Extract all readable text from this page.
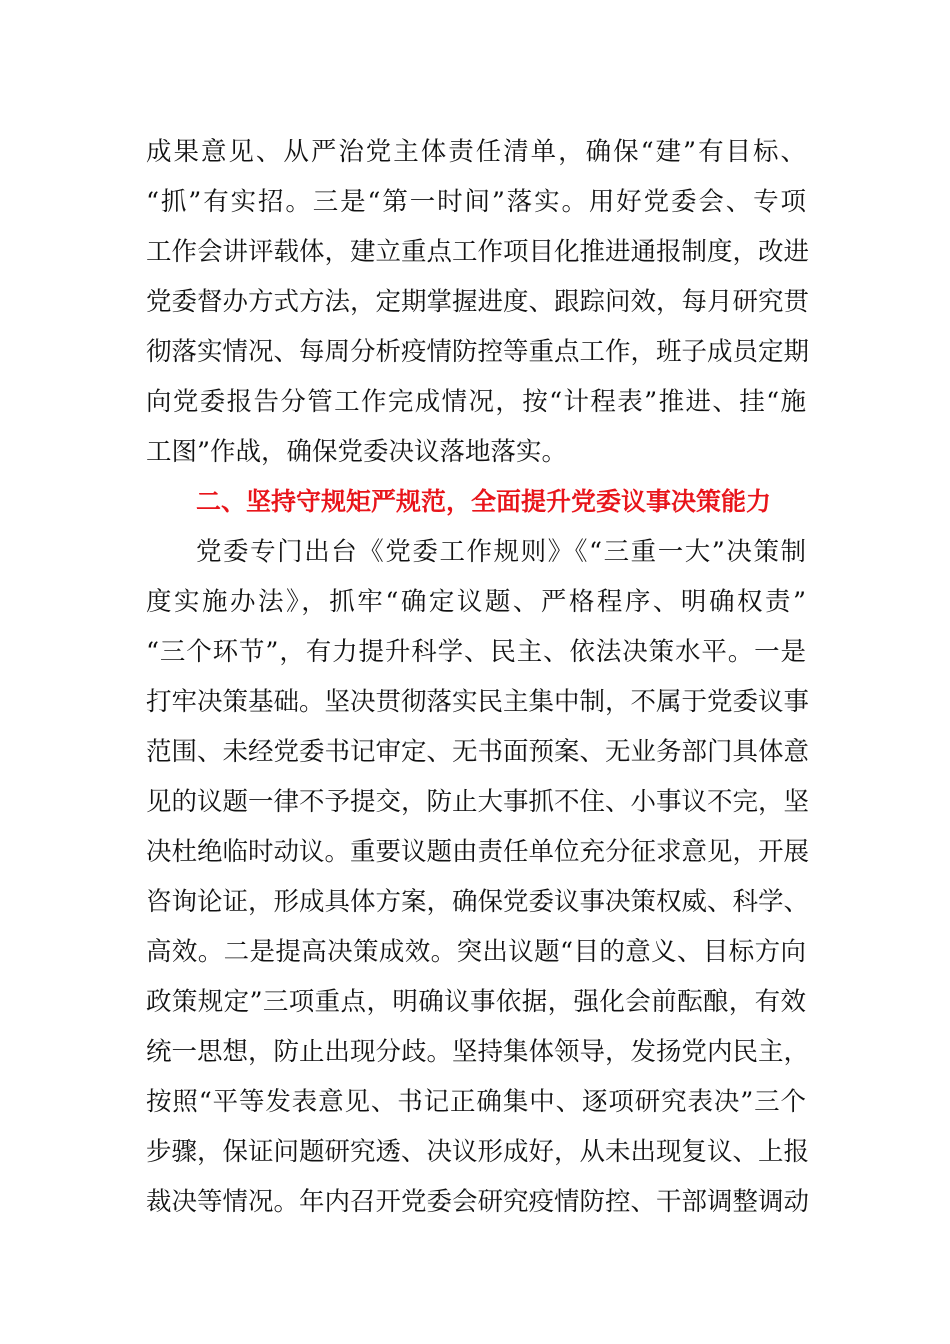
成果意见、从严治党主体责任清单，确保“建”有目标、
“抓”有实招。三是“第一时间”落实。用好党委会、专项
工作会讲评载体，建立重点工作项目化推进通报制度，改进
党委督办方式方法，定期掌握进度、跟踪问效，每月研究贯
彻落实情况、每周分析疫情防控等重点工作，班子成员定期
向党委报告分管工作完成情况，按“计程表”推进、挂“施
工图”作战，确保党委决议落地落实。
二、坚持守规矩严规范，全面提升党委议事决策能力
党委专门出台《党委工作规则》《“三重一大”决策制
度实施办法》，抓牢“确定议题、严格程序、明确权责”
“三个环节”，有力提升科学、民主、依法决策水平。一是
打牢决策基础。坚决贯彻落实民主集中制，不属于党委议事
范围、未经党委书记审定、无书面预案、无业务部门具体意
见的议题一律不予提交，防止大事抓不住、小事议不完，坚
决杜绝临时动议。重要议题由责任单位充分征求意见，开展
咨询论证，形成具体方案，确保党委议事决策权威、科学、
高效。二是提高决策成效。突出议题“目的意义、目标方向
政策规定”三项重点，明确议事依据，强化会前酝酿，有效
统一思想，防止出现分歧。坚持集体领导，发扬党内民主，
按照“平等发表意见、书记正确集中、逐项研究表决”三个
步骤，保证问题研究透、决议形成好，从未出现复议、上报
裁决等情况。年内召开党委会研究疫情防控、干部调整调动
